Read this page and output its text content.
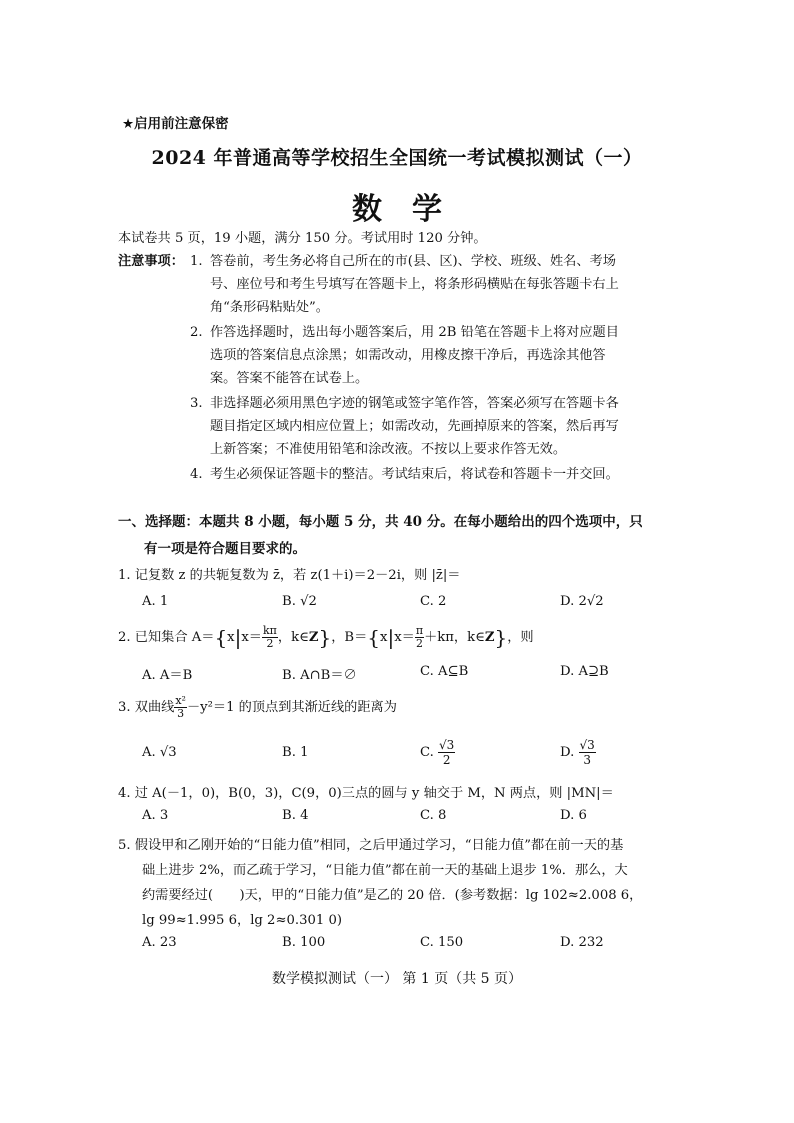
★启用前注意保密
2024 年普通高等学校招生全国统一考试模拟测试（一）
数　学
本试卷共 5 页，19 小题，满分 150 分。考试用时 120 分钟。
注意事项： 1. 答卷前，考生务必将自己所在的市(县、区)、学校、班级、姓名、考场
号、座位号和考生号填写在答题卡上，将条形码横贴在每张答题卡右上
角“条形码粘贴处”。
2. 作答选择题时，选出每小题答案后，用 2B 铅笔在答题卡上将对应题目
选项的答案信息点涂黑；如需改动，用橡皮擦干净后，再选涂其他答
案。答案不能答在试卷上。
3. 非选择题必须用黑色字迹的钢笔或签字笔作答，答案必须写在答题卡各
题目指定区域内相应位置上；如需改动，先画掉原来的答案，然后再写
上新答案；不准使用铅笔和涂改液。不按以上要求作答无效。
4. 考生必须保证答题卡的整洁。考试结束后，将试卷和答题卡一并交回。
一、选择题：本题共 8 小题，每小题 5 分，共 40 分。在每小题给出的四个选项中，只
有一项是符合题目要求的。
1. 记复数 z 的共轭复数为 z̄，若 z(1＋i)＝2－2i，则 |z̄|＝
A. 1	B. √2	C. 2	D. 2√2
2. 已知集合 $A=\{x|x= \frac{k\pi}{2}$ ，k∈Z}，$B=\{x|x= \frac{\pi}{2} +k\pi$，k∈Z}，则
A. A＝B	B. A∩B＝∅	C. A⊆B	D. A⊇B
3. 双曲线 $\frac{\text{x²}}{3} -y^2=1$ 的顶点到其渐近线的距离为
A. √3	B. 1	C. $\frac{√3}{2}$	D. $\frac{√3}{3}$
4. 过 A(－1，0)，B(0，3)，C(9，0)三点的圆与 y 轴交于 M，N 两点，则 |MN|＝
A. 3	B. 4	C. 8	D. 6
5. 假设甲和乙刚开始的“日能力值”相同，之后甲通过学习，“日能力值”都在前一天的基
础上进步 2%，而乙疏于学习，“日能力值”都在前一天的基础上退步 1%．那么，大
约需要经过(　　)天，甲的“日能力值”是乙的 20 倍．(参考数据：lg 102≈2.008 6，
lg 99≈1.995 6，lg 2≈0.301 0)
A. 23	B. 100	C. 150	D. 232
数学模拟测试（一） 第 1 页（共 5 页）
